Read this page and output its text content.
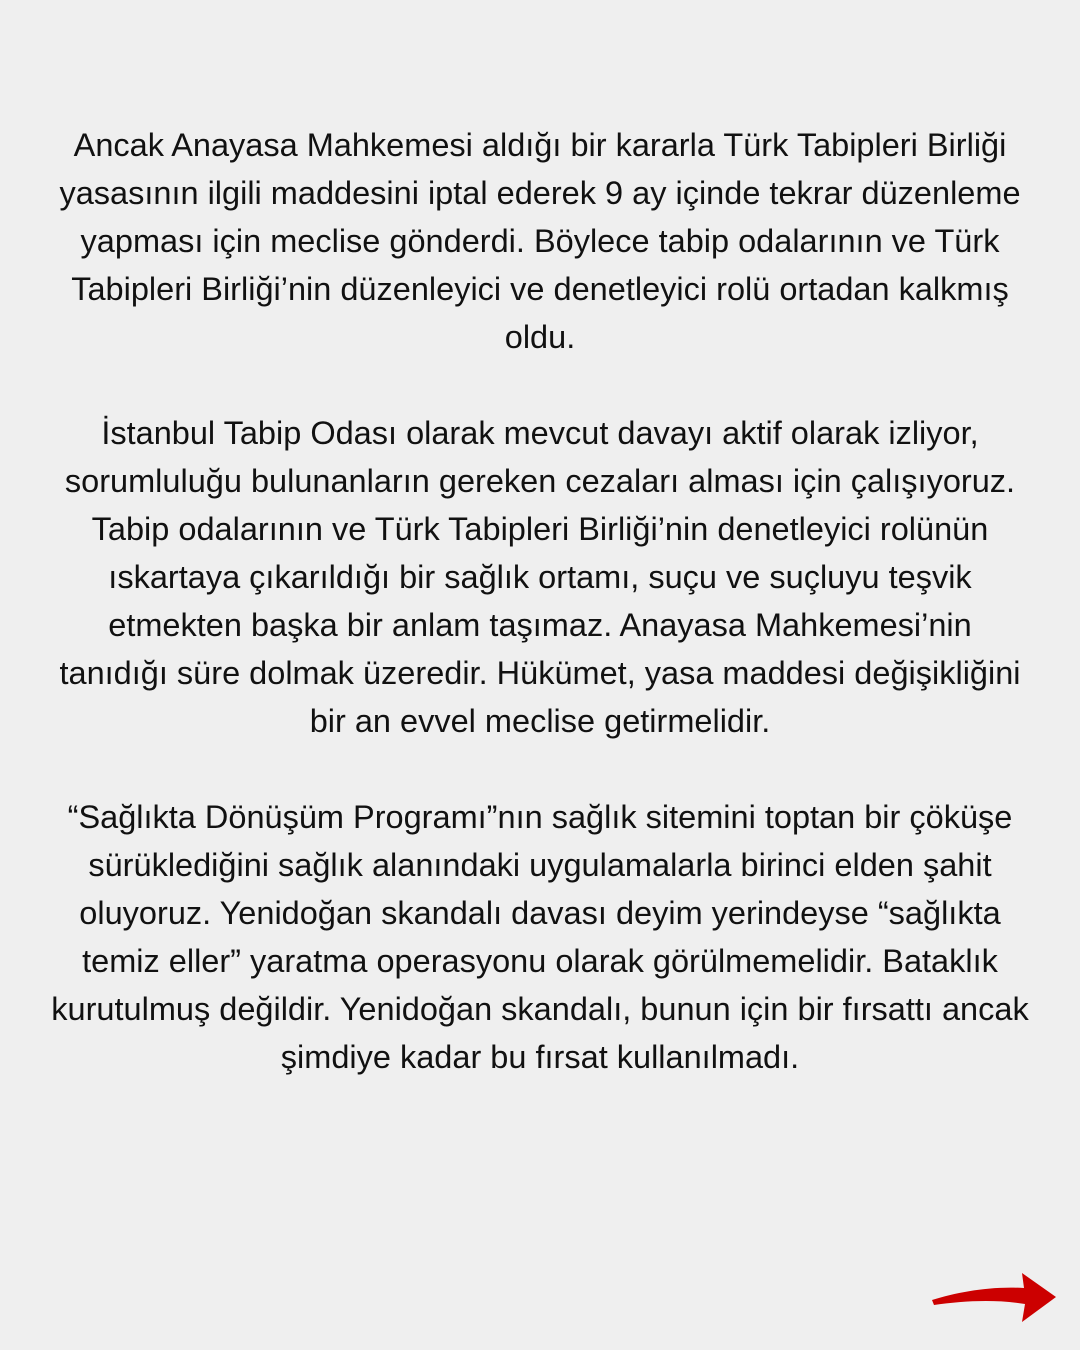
Ancak Anayasa Mahkemesi aldığı bir kararla Türk Tabipleri Birliği yasasının ilgili maddesini iptal ederek 9 ay içinde tekrar düzenleme yapması için meclise gönderdi. Böylece tabip odalarının ve Türk Tabipleri Birliği’nin düzenleyici ve denetleyici rolü ortadan kalkmış oldu.

İstanbul Tabip Odası olarak mevcut davayı aktif olarak izliyor, sorumluluğu bulunanların gereken cezaları alması için çalışıyoruz. Tabip odalarının ve Türk Tabipleri Birliği’nin denetleyici rolünün ıskartaya çıkarıldığı bir sağlık ortamı, suçu ve suçluyu teşvik etmekten başka bir anlam taşımaz. Anayasa Mahkemesi’nin tanıdığı süre dolmak üzeredir. Hükümet, yasa maddesi değişikliğini bir an evvel meclise getirmelidir.

“Sağlıkta Dönüşüm Programı”nın sağlık sitemini toptan bir çöküşe sürüklediğini sağlık alanındaki uygulamalarla birinci elden şahit oluyoruz. Yenidoğan skandalı davası deyim yerindeyse “sağlıkta temiz eller” yaratma operasyonu olarak görülmemelidir. Bataklık kurutulmuş değildir. Yenidoğan skandalı, bunun için bir fırsattı ancak şimdiye kadar bu fırsat kullanılmadı.
